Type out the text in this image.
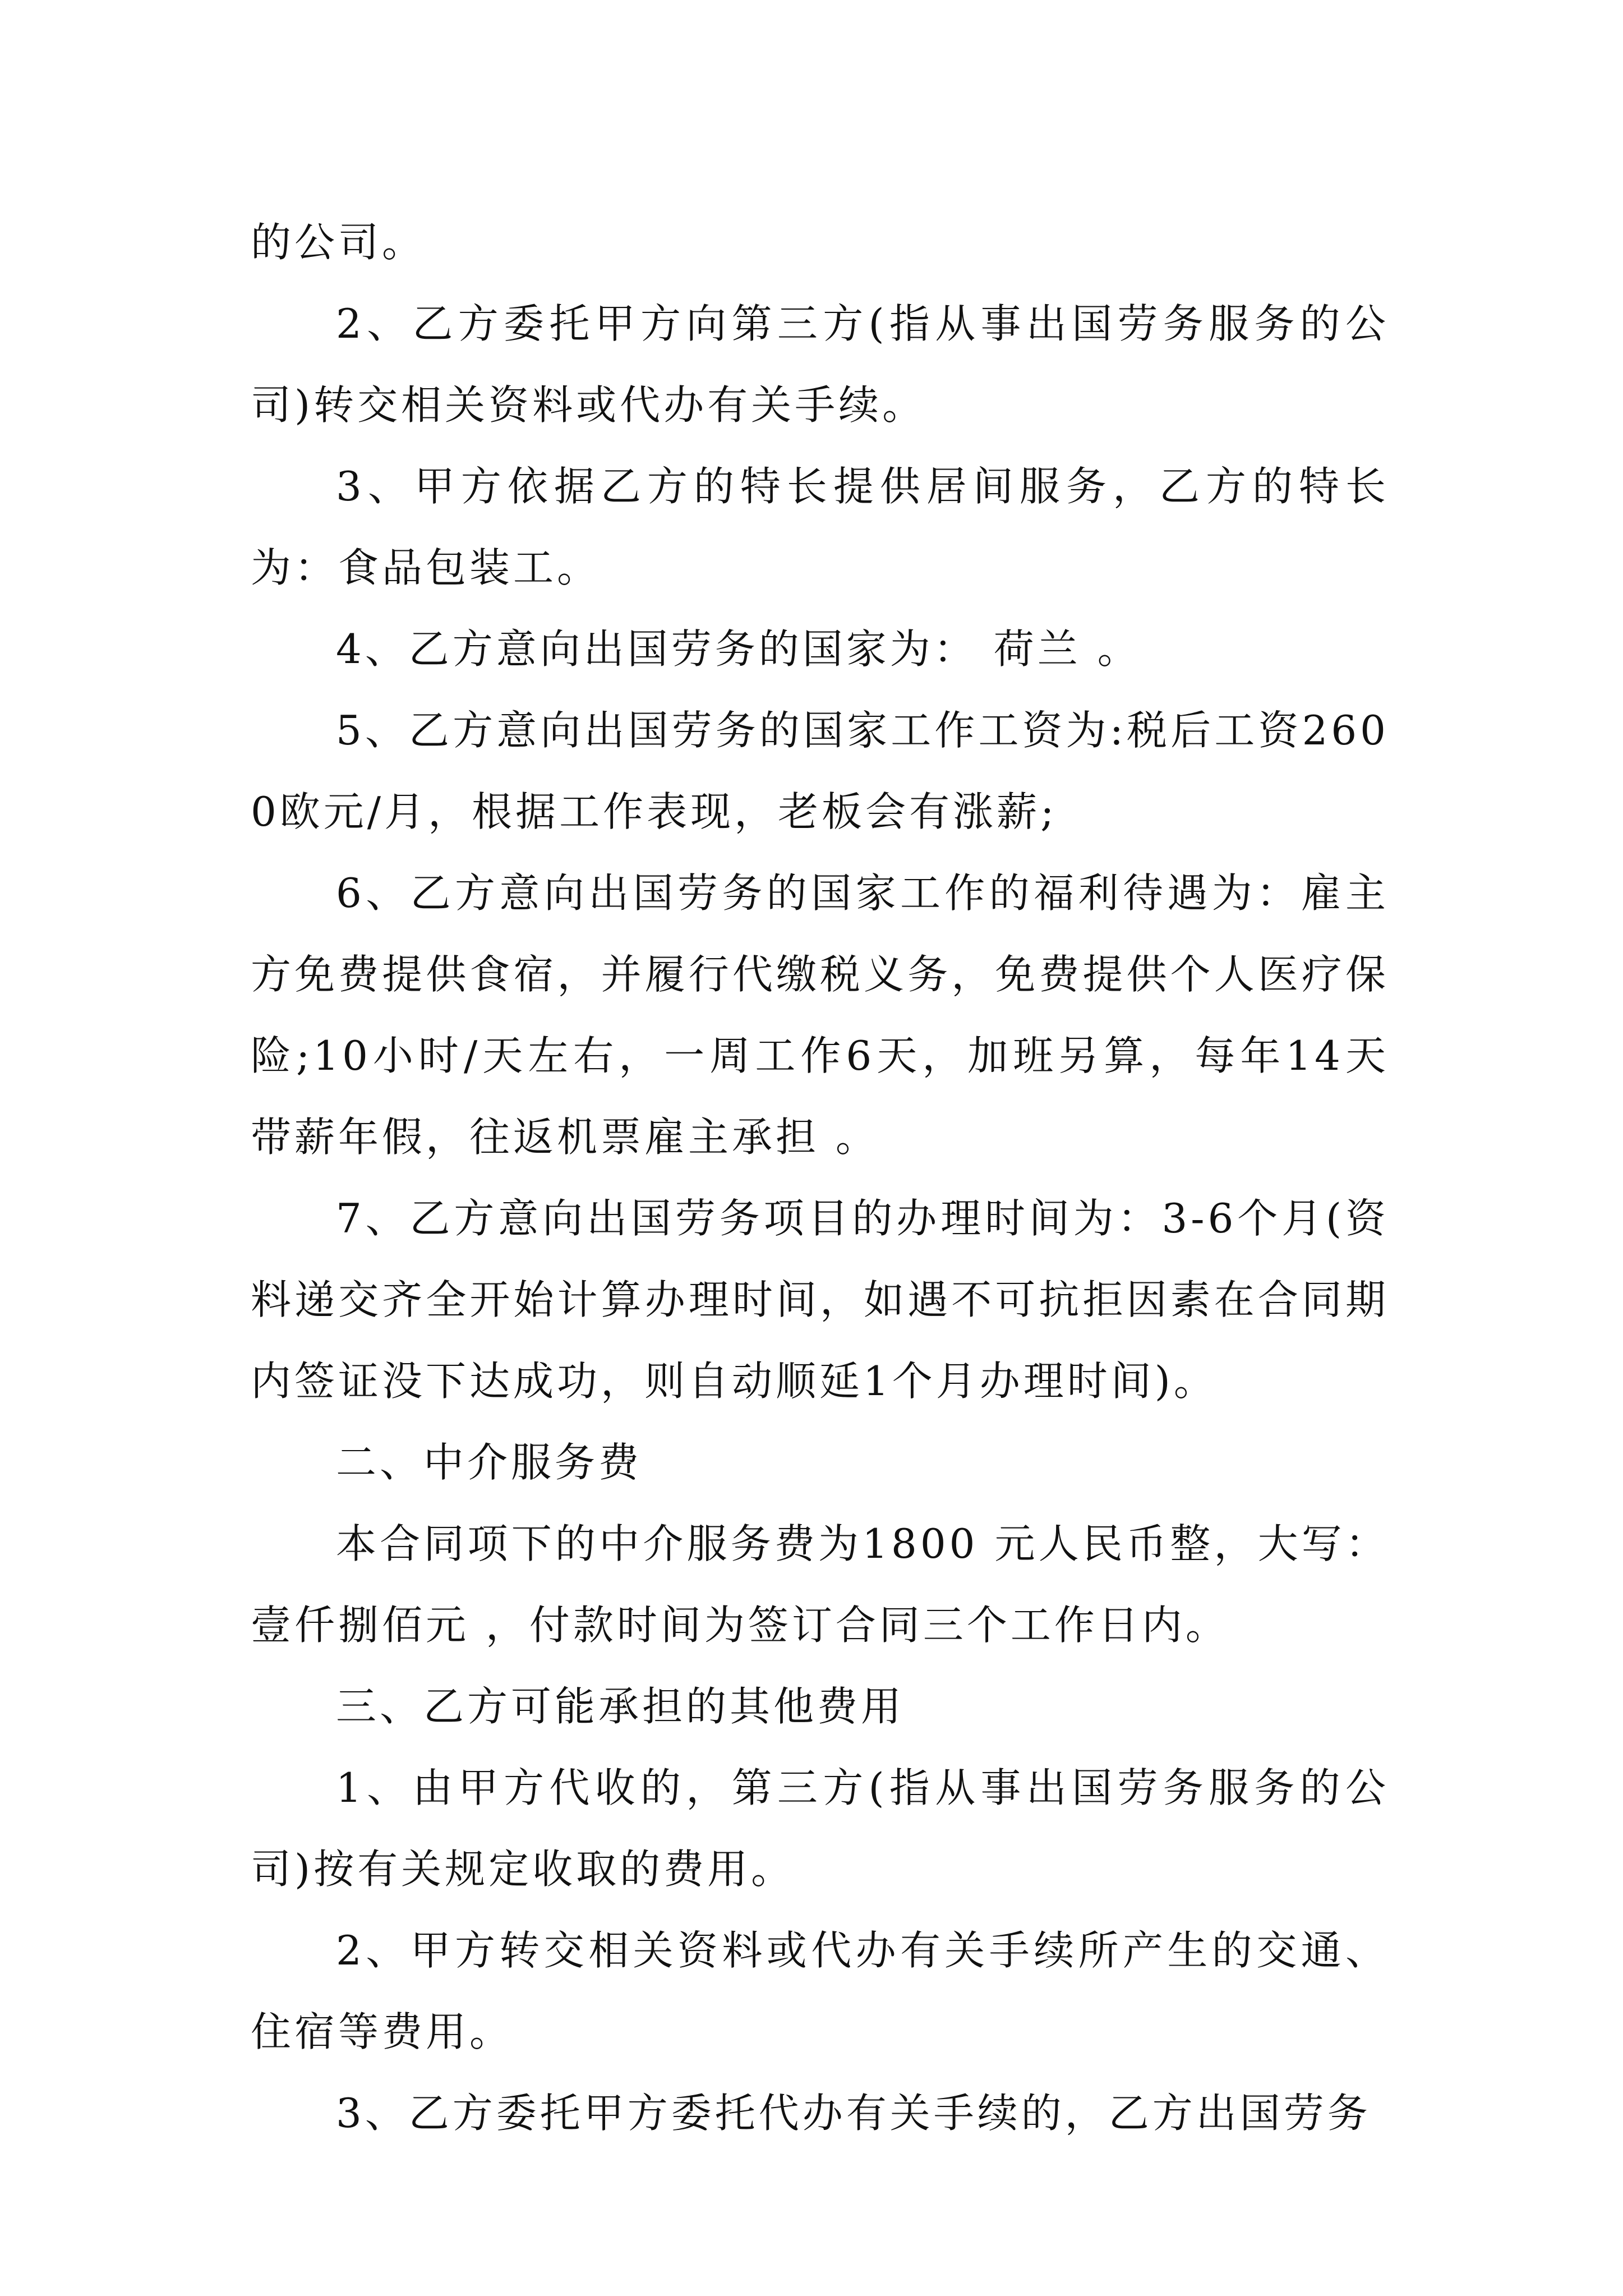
的公司。

2、乙方委托甲方向第三方(指从事出国劳务服务的公司)转交相关资料或代办有关手续。

3、甲方依据乙方的特长提供居间服务，乙方的特长为：食品包装工。

4、乙方意向出国劳务的国家为： 荷兰 。

5、乙方意向出国劳务的国家工作工资为:税后工资2600欧元/月，根据工作表现，老板会有涨薪;

6、乙方意向出国劳务的国家工作的福利待遇为：雇主方免费提供食宿，并履行代缴税义务，免费提供个人医疗保险;10小时/天左右，一周工作6天，加班另算，每年14天带薪年假，往返机票雇主承担 。

7、乙方意向出国劳务项目的办理时间为：3-6个月(资料递交齐全开始计算办理时间，如遇不可抗拒因素在合同期内签证没下达成功，则自动顺延1个月办理时间)。

二、中介服务费

本合同项下的中介服务费为1800 元人民币整，大写：壹仟捌佰元 ，付款时间为签订合同三个工作日内。

三、乙方可能承担的其他费用

1、由甲方代收的，第三方(指从事出国劳务服务的公司)按有关规定收取的费用。

2、甲方转交相关资料或代办有关手续所产生的交通、住宿等费用。

3、乙方委托甲方委托代办有关手续的，乙方出国劳务
